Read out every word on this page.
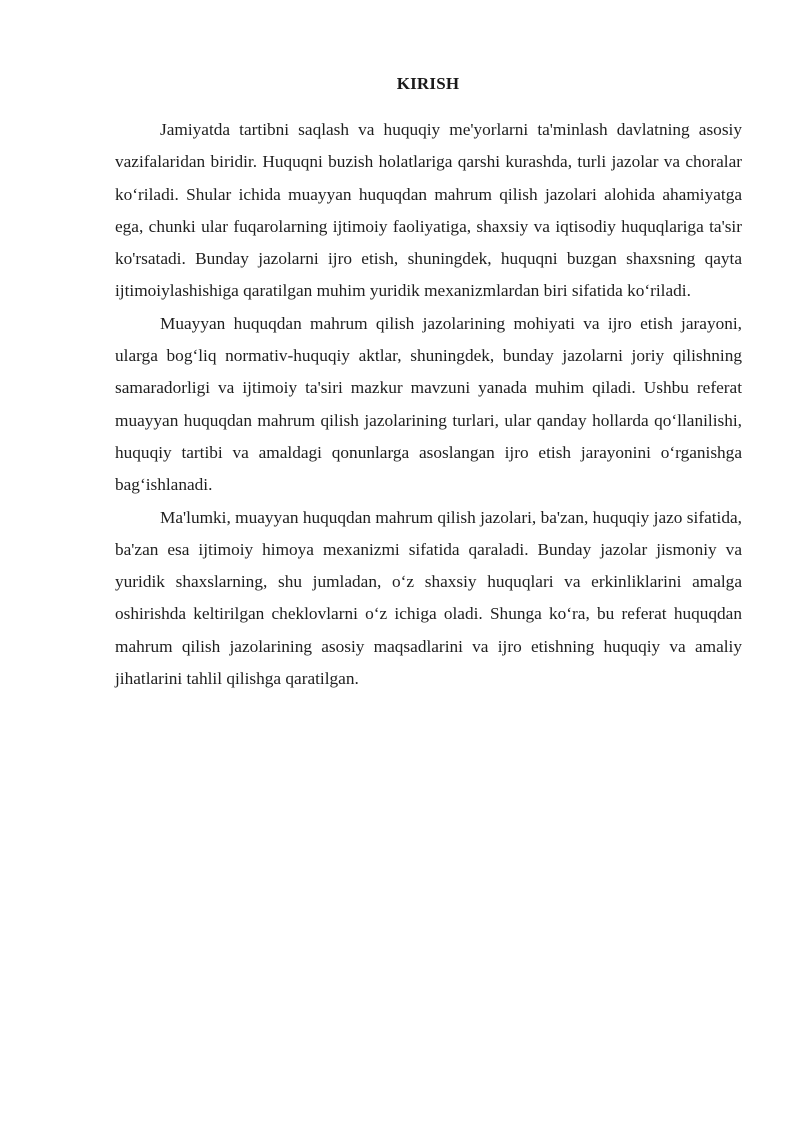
KIRISH

Jamiyatda tartibni saqlash va huquqiy me'yorlarni ta'minlash davlatning asosiy vazifalaridan biridir. Huquqni buzish holatlariga qarshi kurashda, turli jazolar va choralar ko‘riladi. Shular ichida muayyan huquqdan mahrum qilish jazolari alohida ahamiyatga ega, chunki ular fuqarolarning ijtimoiy faoliyatiga, shaxsiy va iqtisodiy huquqlariga ta'sir ko'rsatadi. Bunday jazolarni ijro etish, shuningdek, huquqni buzgan shaxsning qayta ijtimoiylashishiga qaratilgan muhim yuridik mexanizmlardan biri sifatida ko‘riladi.

Muayyan huquqdan mahrum qilish jazolarining mohiyati va ijro etish jarayoni, ularga bog‘liq normativ-huquqiy aktlar, shuningdek, bunday jazolarni joriy qilishning samaradorligi va ijtimoiy ta'siri mazkur mavzuni yanada muhim qiladi. Ushbu referat muayyan huquqdan mahrum qilish jazolarining turlari, ular qanday hollarda qo‘llanilishi, huquqiy tartibi va amaldagi qonunlarga asoslangan ijro etish jarayonini o‘rganishga bag‘ishlanadi.

Ma'lumki, muayyan huquqdan mahrum qilish jazolari, ba'zan, huquqiy jazo sifatida, ba'zan esa ijtimoiy himoya mexanizmi sifatida qaraladi. Bunday jazolar jismoniy va yuridik shaxslarning, shu jumladan, o‘z shaxsiy huquqlari va erkinliklarini amalga oshirishda keltirilgan cheklovlarni o‘z ichiga oladi. Shunga ko‘ra, bu referat huquqdan mahrum qilish jazolarining asosiy maqsadlarini va ijro etishning huquqiy va amaliy jihatlarini tahlil qilishga qaratilgan.
